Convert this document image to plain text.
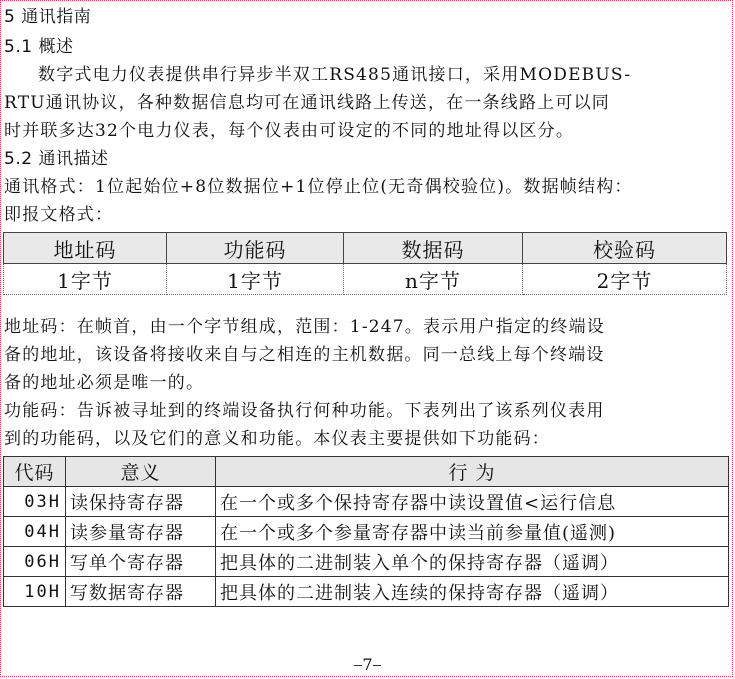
5 通讯指南
5.1 概述
数字式电力仪表提供串行异步半双工RS485通讯接口，采用MODEBUS-
RTU通讯协议，各种数据信息均可在通讯线路上传送，在一条线路上可以同
时并联多达32个电力仪表，每个仪表由可设定的不同的地址得以区分。
5.2 通讯描述
通讯格式：1位起始位+8位数据位+1位停止位(无奇偶校验位)。数据帧结构：
即报文格式：
地址码	功能码	数据码	校验码
1字节	1字节	n字节	2字节
地址码：在帧首，由一个字节组成，范围：1-247。表示用户指定的终端设
备的地址，该设备将接收来自与之相连的主机数据。同一总线上每个终端设
备的地址必须是唯一的。
功能码：告诉被寻址到的终端设备执行何种功能。下表列出了该系列仪表用
到的功能码，以及它们的意义和功能。本仪表主要提供如下功能码：
代码	意义	行 为
03H	读保持寄存器	在一个或多个保持寄存器中读设置值<运行信息
04H	读参量寄存器	在一个或多个参量寄存器中读当前参量值(遥测)
06H	写单个寄存器	把具体的二进制装入单个的保持寄存器（遥调）
10H	写数据寄存器	把具体的二进制装入连续的保持寄存器（遥调）
7
